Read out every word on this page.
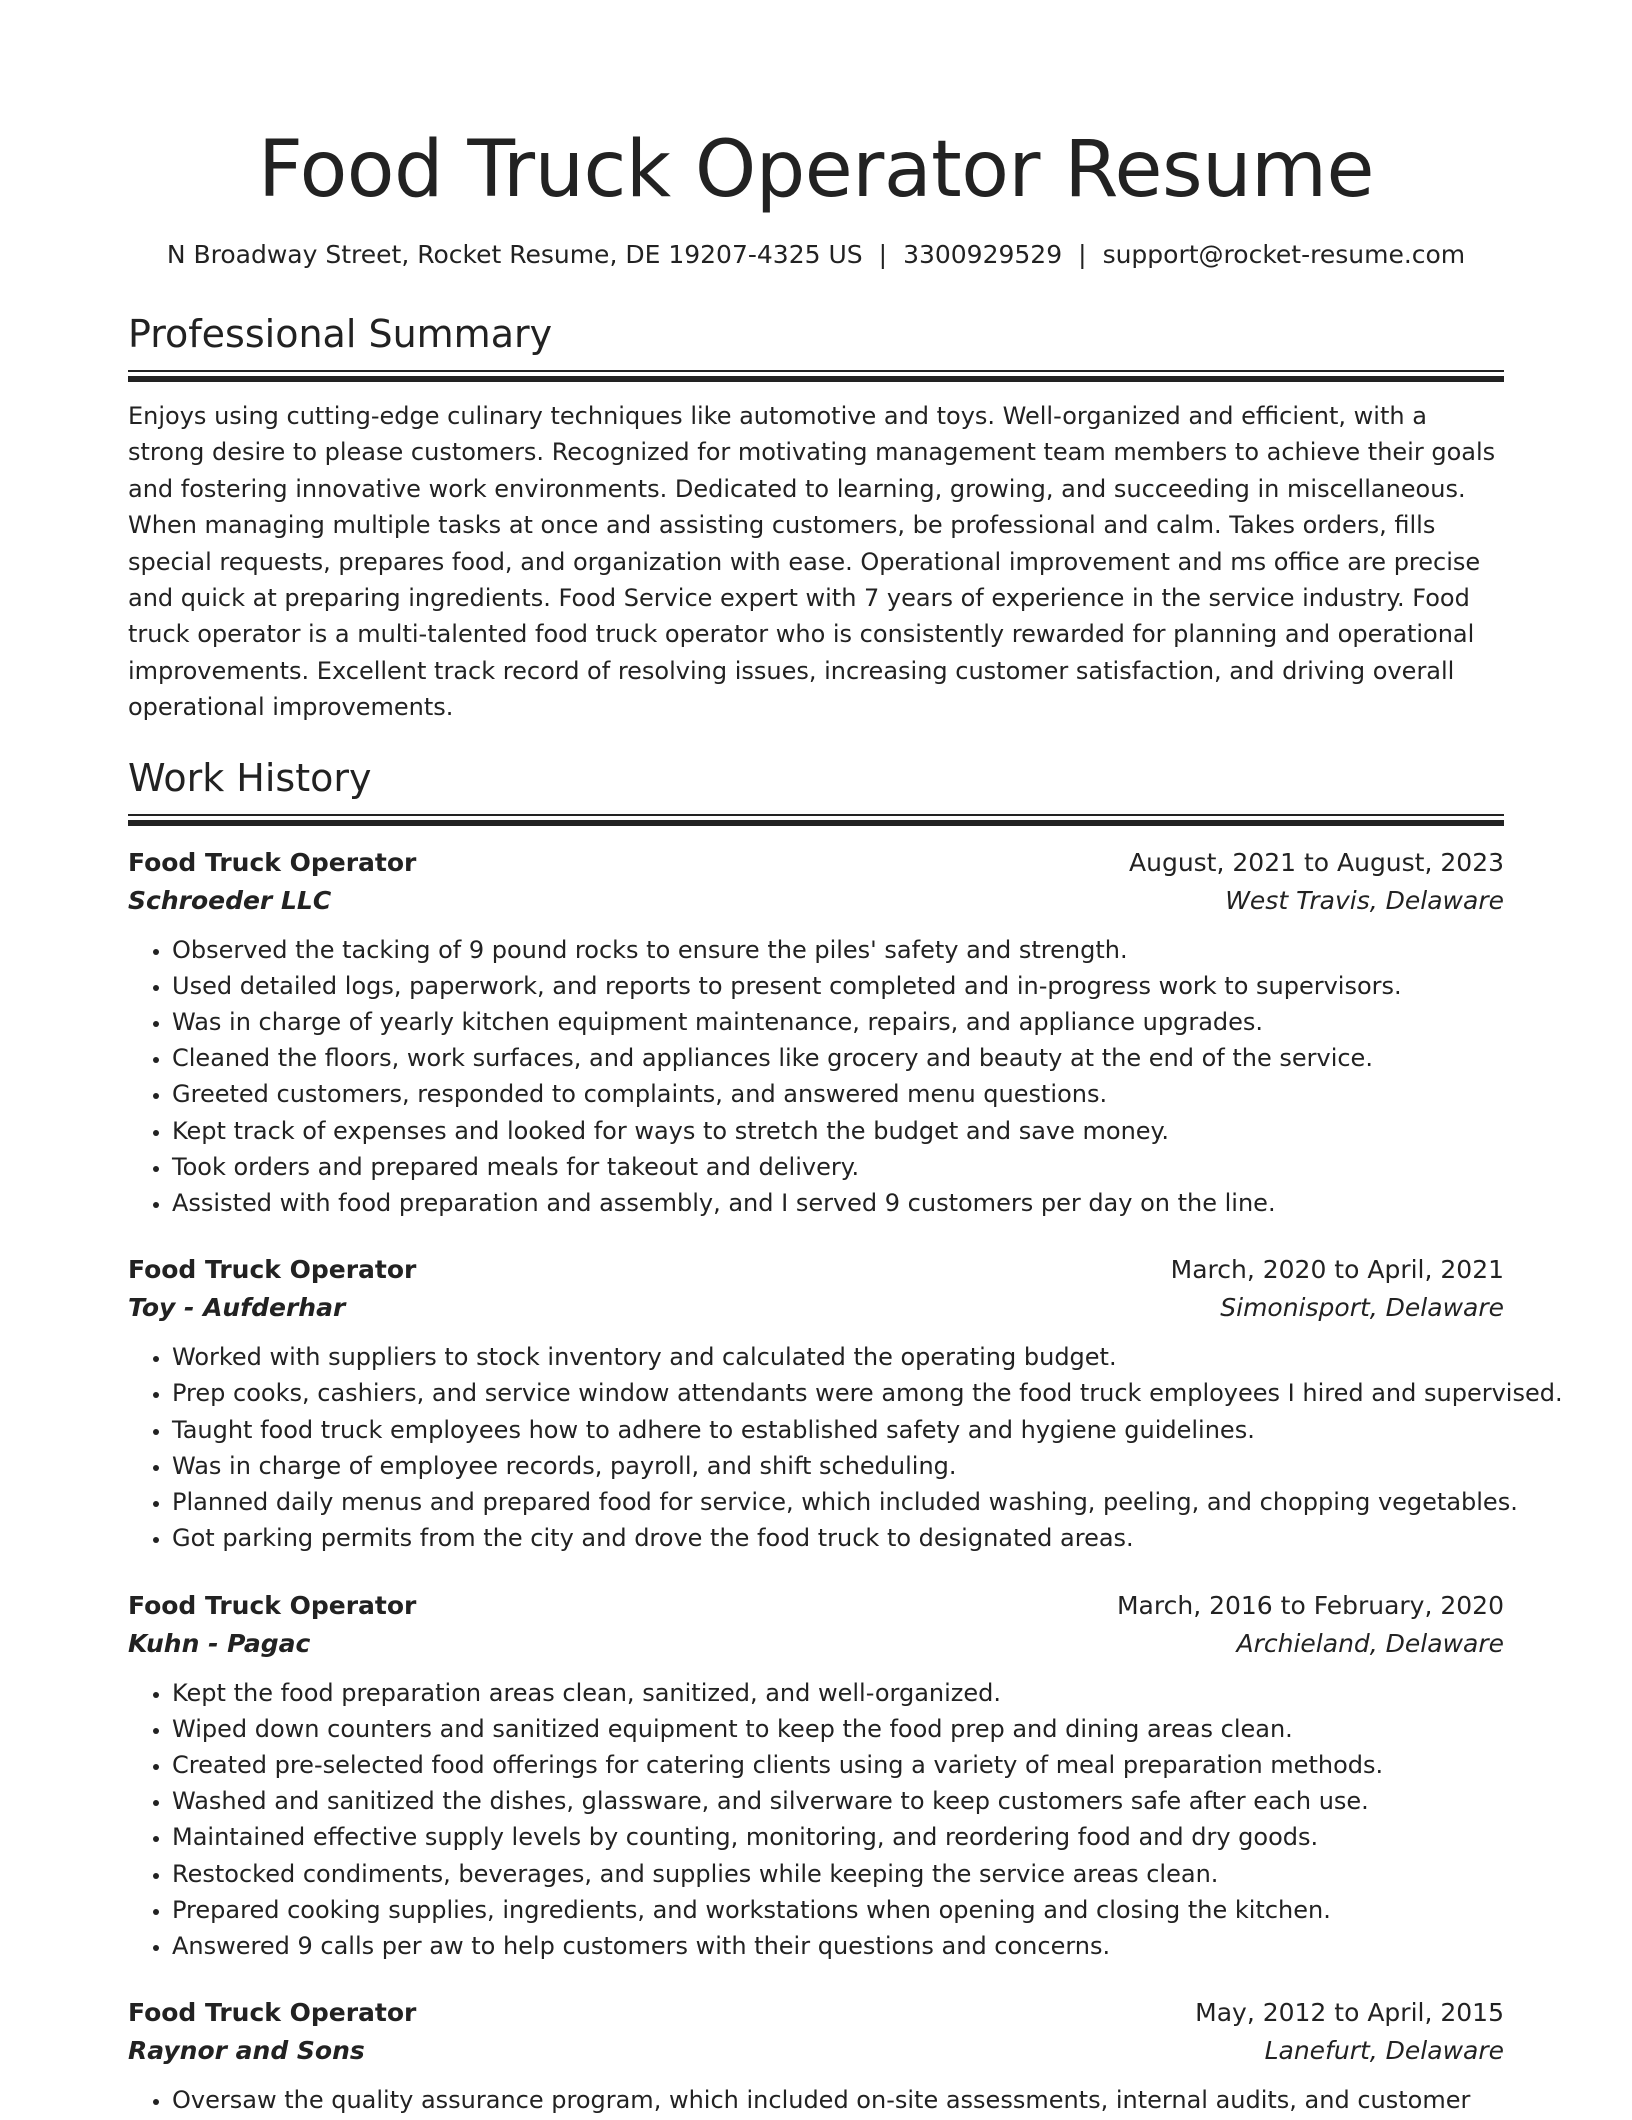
Food Truck Operator Resume
N Broadway Street, Rocket Resume, DE 19207-4325 US | 3300929529 | support@rocket-resume.com
Professional Summary

Enjoys using cutting-edge culinary techniques like automotive and toys. Well-organized and efficient, with a strong desire to please customers. Recognized for motivating management team members to achieve their goals and fostering innovative work environments. Dedicated to learning, growing, and succeeding in miscellaneous. When managing multiple tasks at once and assisting customers, be professional and calm. Takes orders, fills special requests, prepares food, and organization with ease. Operational improvement and ms office are precise and quick at preparing ingredients. Food Service expert with 7 years of experience in the service industry. Food truck operator is a multi-talented food truck operator who is consistently rewarded for planning and operational improvements. Excellent track record of resolving issues, increasing customer satisfaction, and driving overall operational improvements.

Work History
Food Truck Operator	August, 2021 to August, 2023
Schroeder LLC	West Travis, Delaware
• Observed the tacking of 9 pound rocks to ensure the piles' safety and strength.
• Used detailed logs, paperwork, and reports to present completed and in-progress work to supervisors.
• Was in charge of yearly kitchen equipment maintenance, repairs, and appliance upgrades.
• Cleaned the floors, work surfaces, and appliances like grocery and beauty at the end of the service.
• Greeted customers, responded to complaints, and answered menu questions.
• Kept track of expenses and looked for ways to stretch the budget and save money.
• Took orders and prepared meals for takeout and delivery.
• Assisted with food preparation and assembly, and I served 9 customers per day on the line.
Food Truck Operator	March, 2020 to April, 2021
Toy - Aufderhar	Simonisport, Delaware
• Worked with suppliers to stock inventory and calculated the operating budget.
• Prep cooks, cashiers, and service window attendants were among the food truck employees I hired and supervised.
• Taught food truck employees how to adhere to established safety and hygiene guidelines.
• Was in charge of employee records, payroll, and shift scheduling.
• Planned daily menus and prepared food for service, which included washing, peeling, and chopping vegetables.
• Got parking permits from the city and drove the food truck to designated areas.
Food Truck Operator	March, 2016 to February, 2020
Kuhn - Pagac	Archieland, Delaware
• Kept the food preparation areas clean, sanitized, and well-organized.
• Wiped down counters and sanitized equipment to keep the food prep and dining areas clean.
• Created pre-selected food offerings for catering clients using a variety of meal preparation methods.
• Washed and sanitized the dishes, glassware, and silverware to keep customers safe after each use.
• Maintained effective supply levels by counting, monitoring, and reordering food and dry goods.
• Restocked condiments, beverages, and supplies while keeping the service areas clean.
• Prepared cooking supplies, ingredients, and workstations when opening and closing the kitchen.
• Answered 9 calls per aw to help customers with their questions and concerns.
Food Truck Operator	May, 2012 to April, 2015
Raynor and Sons	Lanefurt, Delaware
• Oversaw the quality assurance program, which included on-site assessments, internal audits, and customer
